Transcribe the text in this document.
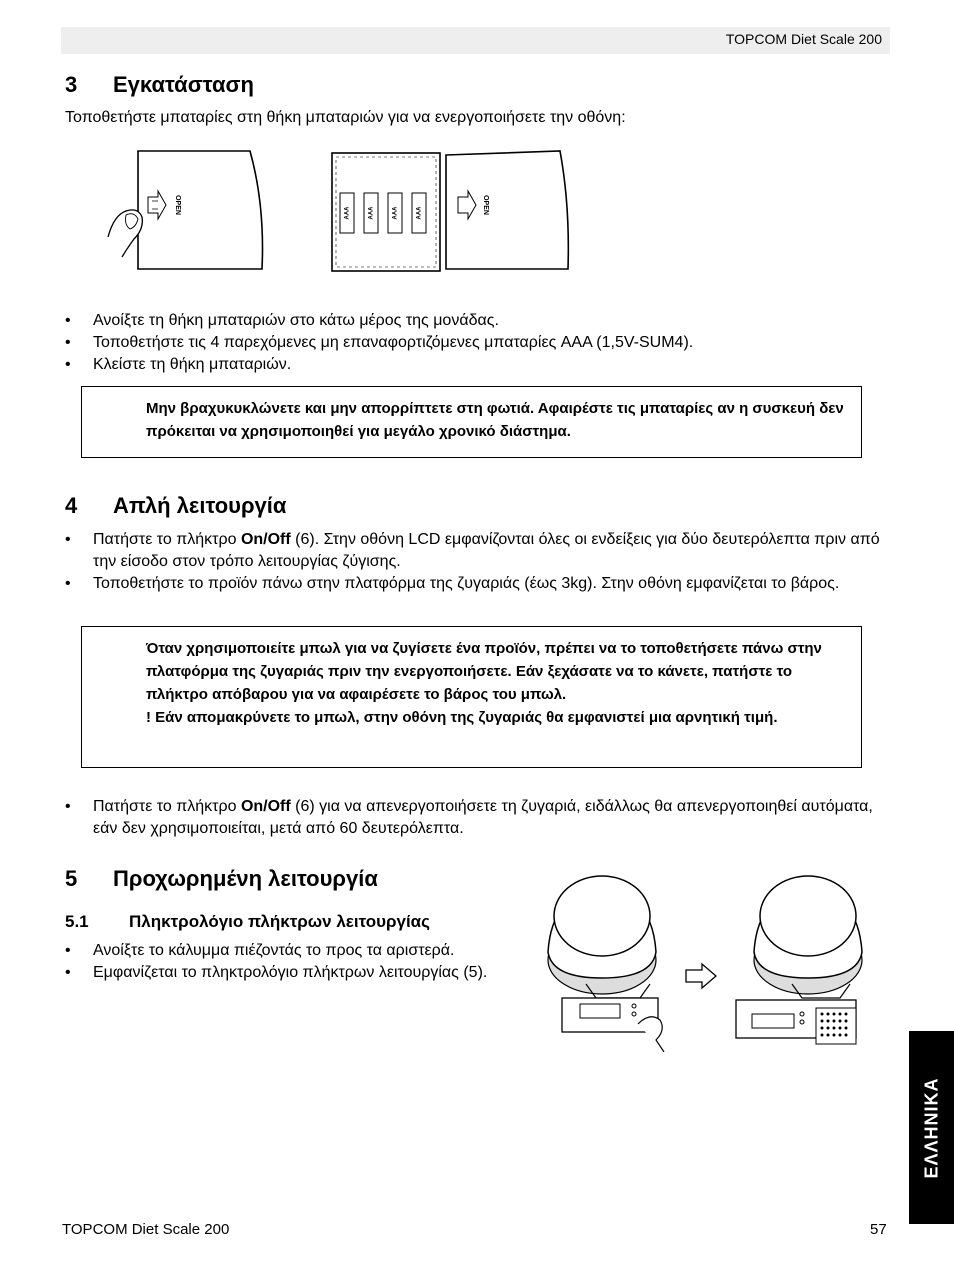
TOPCOM Diet Scale 200
3 Εγκατάσταση
Τοποθετήστε μπαταρίες στη θήκη μπαταριών για να ενεργοποιήσετε την οθόνη:
OPEN	AAA	AAA	AAA	AAA	OPEN
• Ανοίξτε τη θήκη μπαταριών στο κάτω μέρος της μονάδας.
• Τοποθετήστε τις 4 παρεχόμενες μη επαναφορτιζόμενες μπαταρίες AAA (1,5V-SUM4).
• Κλείστε τη θήκη μπαταριών.
Μην βραχυκυκλώνετε και μην απορρίπτετε στη φωτιά. Αφαιρέστε τις μπαταρίες αν η συσκευή δεν πρόκειται να χρησιμοποιηθεί για μεγάλο χρονικό διάστημα.
4 Απλή λειτουργία
• Πατήστε το πλήκτρο On/Off (6). Στην οθόνη LCD εμφανίζονται όλες οι ενδείξεις για δύο δευτερόλεπτα πριν από την είσοδο στον τρόπο λειτουργίας ζύγισης.
• Τοποθετήστε το προϊόν πάνω στην πλατφόρμα της ζυγαριάς (έως 3kg). Στην οθόνη εμφανίζεται το βάρος.
Όταν χρησιμοποιείτε μπωλ για να ζυγίσετε ένα προϊόν, πρέπει να το τοποθετήσετε πάνω στην πλατφόρμα της ζυγαριάς πριν την ενεργοποιήσετε. Εάν ξεχάσατε να το κάνετε, πατήστε το πλήκτρο απόβαρου για να αφαιρέσετε το βάρος του μπωλ.
! Εάν απομακρύνετε το μπωλ, στην οθόνη της ζυγαριάς θα εμφανιστεί μια αρνητική τιμή.
• Πατήστε το πλήκτρο On/Off (6) για να απενεργοποιήσετε τη ζυγαριά, ειδάλλως θα απενεργοποιηθεί αυτόματα, εάν δεν χρησιμοποιείται, μετά από 60 δευτερόλεπτα.
5 Προχωρημένη λειτουργία
5.1 Πληκτρολόγιο πλήκτρων λειτουργίας
• Ανοίξτε το κάλυμμα πιέζοντάς το προς τα αριστερά.
• Εμφανίζεται το πληκτρολόγιο πλήκτρων λειτουργίας (5).
ΕΛΛΗΝΙΚΑ
TOPCOM Diet Scale 200	57
